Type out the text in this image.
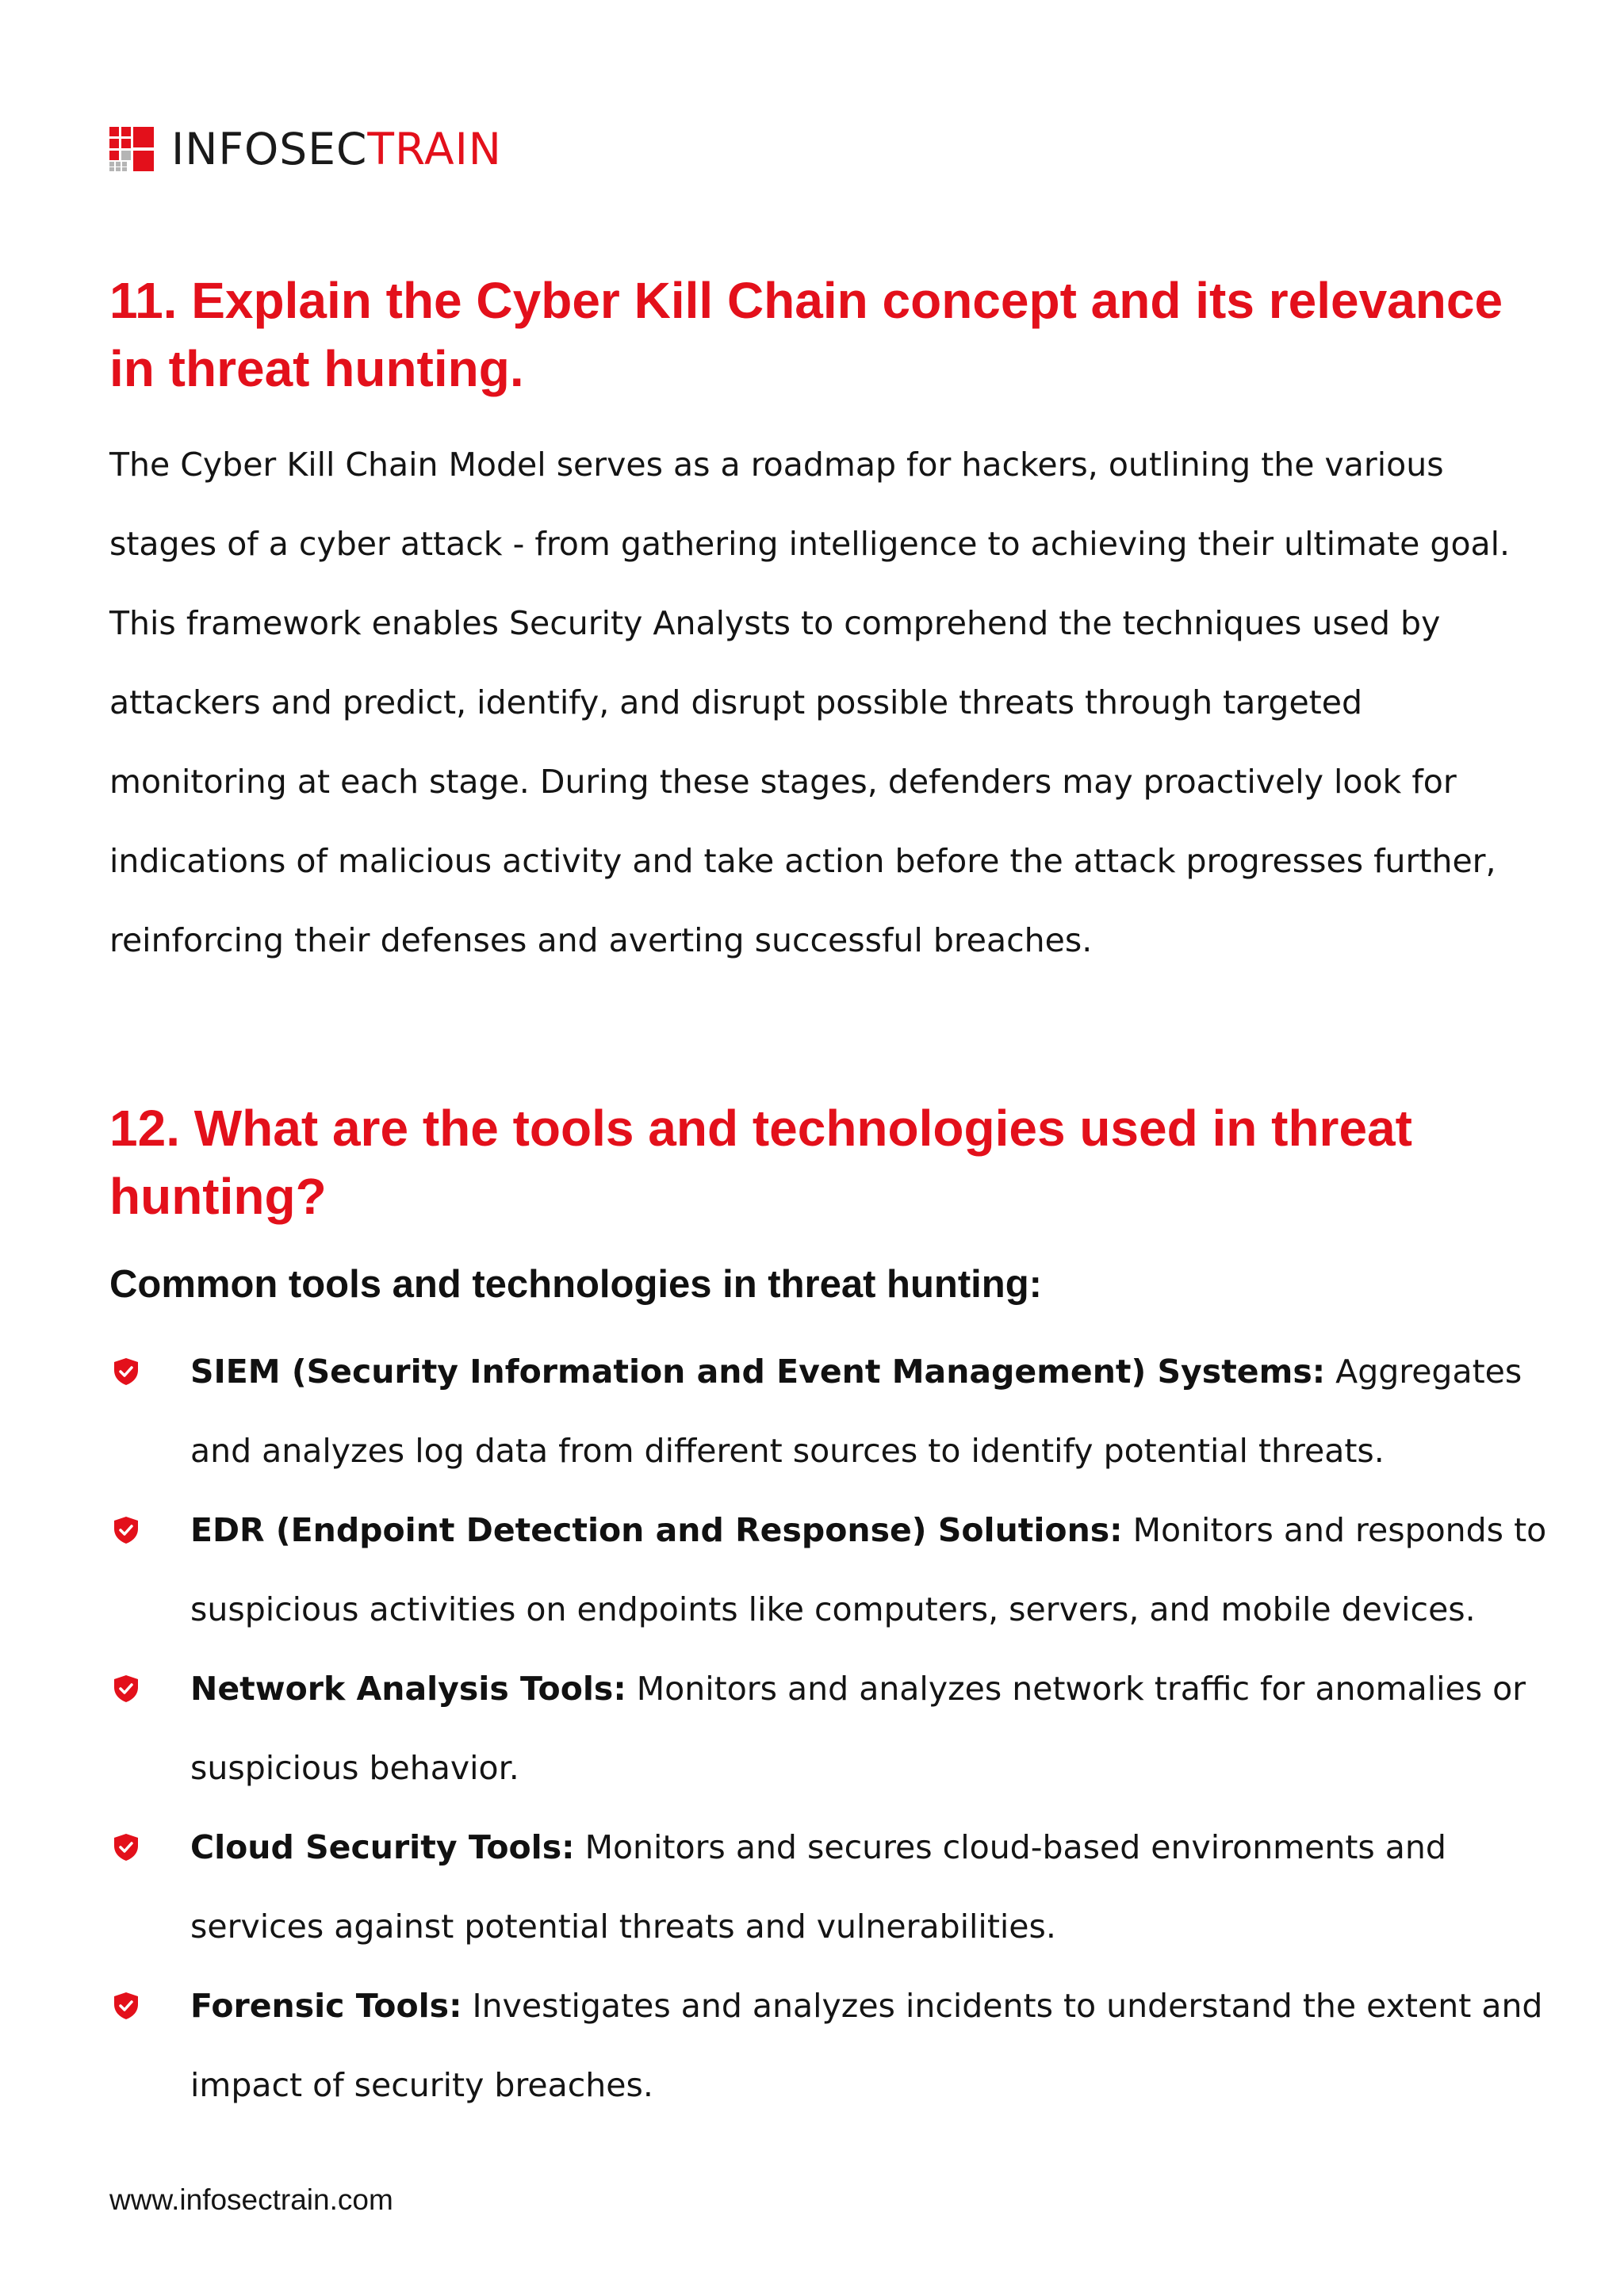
INFOSECTRAIN
11. Explain the Cyber Kill Chain concept and its relevance in threat hunting.

The Cyber Kill Chain Model serves as a roadmap for hackers, outlining the various stages of a cyber attack - from gathering intelligence to achieving their ultimate goal. This framework enables Security Analysts to comprehend the techniques used by attackers and predict, identify, and disrupt possible threats through targeted monitoring at each stage. During these stages, defenders may proactively look for indications of malicious activity and take action before the attack progresses further, reinforcing their defenses and averting successful breaches.

12. What are the tools and technologies used in threat hunting?

Common tools and technologies in threat hunting:

SIEM (Security Information and Event Management) Systems: Aggregates and analyzes log data from different sources to identify potential threats.
EDR (Endpoint Detection and Response) Solutions: Monitors and responds to suspicious activities on endpoints like computers, servers, and mobile devices.
Network Analysis Tools: Monitors and analyzes network traffic for anomalies or suspicious behavior.
Cloud Security Tools: Monitors and secures cloud-based environments and services against potential threats and vulnerabilities.
Forensic Tools: Investigates and analyzes incidents to understand the extent and impact of security breaches.

www.infosectrain.com
